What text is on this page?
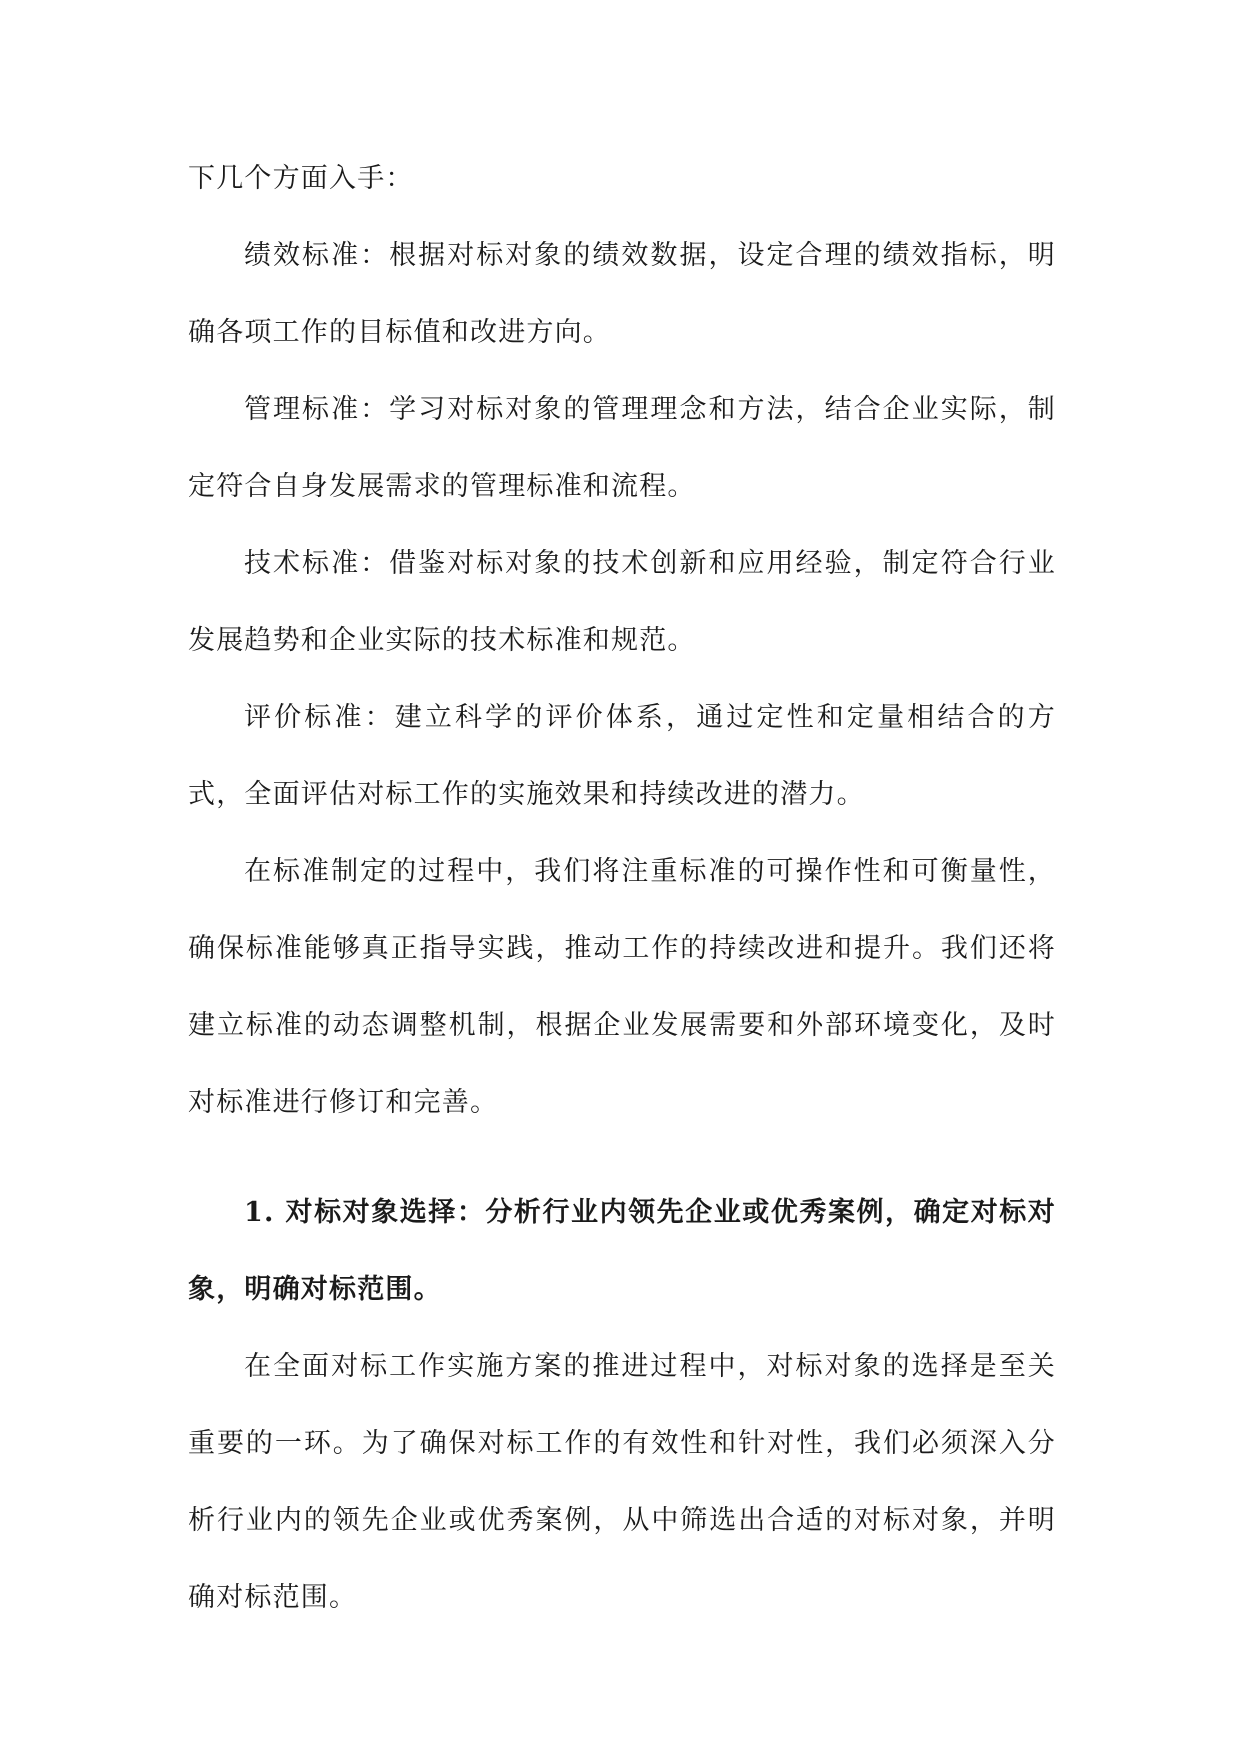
下几个方面入手：

绩效标准：根据对标对象的绩效数据，设定合理的绩效指标，明确各项工作的目标值和改进方向。

管理标准：学习对标对象的管理理念和方法，结合企业实际，制定符合自身发展需求的管理标准和流程。

技术标准：借鉴对标对象的技术创新和应用经验，制定符合行业发展趋势和企业实际的技术标准和规范。

评价标准：建立科学的评价体系，通过定性和定量相结合的方式，全面评估对标工作的实施效果和持续改进的潜力。

在标准制定的过程中，我们将注重标准的可操作性和可衡量性，确保标准能够真正指导实践，推动工作的持续改进和提升。我们还将建立标准的动态调整机制，根据企业发展需要和外部环境变化，及时对标准进行修订和完善。

1. 对标对象选择：分析行业内领先企业或优秀案例，确定对标对象，明确对标范围。

在全面对标工作实施方案的推进过程中，对标对象的选择是至关重要的一环。为了确保对标工作的有效性和针对性，我们必须深入分析行业内的领先企业或优秀案例，从中筛选出合适的对标对象，并明确对标范围。
